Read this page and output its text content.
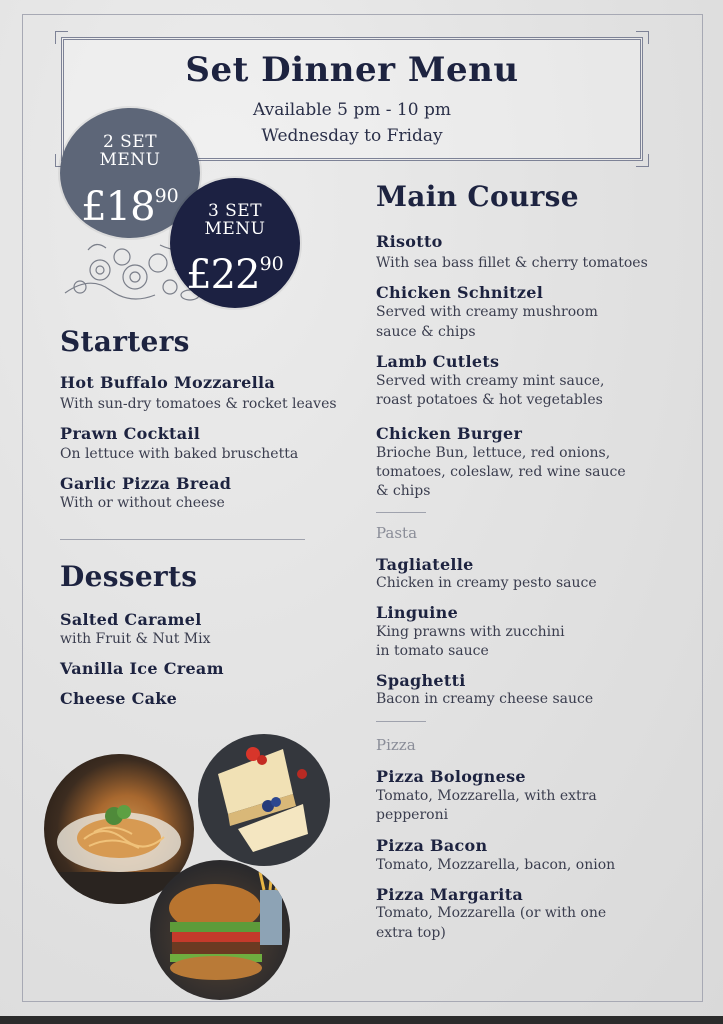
Set Dinner Menu
Available 5 pm - 10 pm
Wednesday to Friday
2 SET
MENU
$£18^{90}$
3 SET
MENU
$£22^{90}$
Starters
Hot Buffalo Mozzarella
With sun-dry tomatoes & rocket leaves
Prawn Cocktail
On lettuce with baked bruschetta
Garlic Pizza Bread
With or without cheese
Desserts
Salted Caramel
with Fruit & Nut Mix
Vanilla Ice Cream
Cheese Cake
Main Course
Risotto
With sea bass fillet & cherry tomatoes
Chicken Schnitzel
Served with creamy mushroom
sauce & chips
Lamb Cutlets
Served with creamy mint sauce,
roast potatoes & hot vegetables
Chicken Burger
Brioche Bun, lettuce, red onions,
tomatoes, coleslaw, red wine sauce
& chips
Pasta
Tagliatelle
Chicken in creamy pesto sauce
Linguine
King prawns with zucchini
in tomato sauce
Spaghetti
Bacon in creamy cheese sauce
Pizza
Pizza Bolognese
Tomato, Mozzarella, with extra
pepperoni
Pizza Bacon
Tomato, Mozzarella, bacon, onion
Pizza Margarita
Tomato, Mozzarella (or with one
extra top)
